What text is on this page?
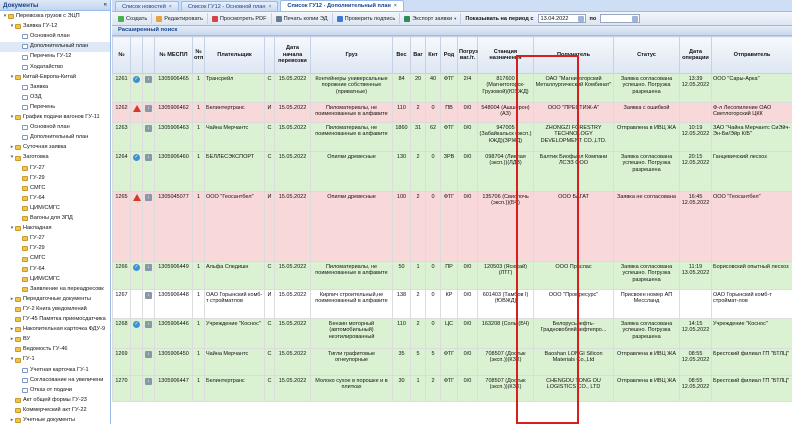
Документы	«
▾	Перевозка грузов с ЭЦП
▾	Заявка ГУ-12
Основной план
Дополнительный план
Перечень ГУ-12
Ходатайство
▾	Китай-Европа-Китай
Заявка
ОЗД
Перечень
▾	График подачи вагонов ГУ-11
Основной план
Дополнительный план
▸	Суточная заявка
▾	Заготовка
ГУ-27
ГУ-29
СМГС
ГУ-64
ЦИМ/СМГС
Вагоны для ЗПД
▾	Накладная
ГУ-27
ГУ-29
СМГС
ГУ-64
ЦИМ/СМГС
Заявление на переадресовк
▸	Передаточные документы
ГУ-2 Книга уведомлений
ГУ-45 Памятка приемосдатчика
▸	Накопительная карточка ФДУ-9
▸	ВУ
Ведомость ГУ-46
▾	ГУ-1
Учетная карточка ГУ-1
Согласование на увеличени
Отказ от подачи
Акт общей формы ГУ-23
Коммерческий акт ГУ-22
▸	Учетные документы
Список новостей ×	Список ГУ12 - Основной план ×	Список ГУ12 - Дополнительный план ×
Создать	Редактировать	Просмотреть PDF	Печать копии ЭД	Проверить подпись	Экспорт заявки ▾	Показывать на период с	13.04.2022	по
Расширенный поиск
№			№ МЕСПЛ	№ отп	Плательщик		Дата начала перевозки	Груз	Вес	Ваг	Кнт	Род	Погруз ваг./т.	Станция назначения	Получатель	Статус	Дата операции	Отправитель
1261	✓	↓	1305906465	1	Трансрейл	С	15.05.2022	Контейнеры универсальные порожние собственные (приватные)	84	20	40	ФТГ	2/4	817600 (Магнитогорск-Грузовой)(ЮУЖД)	ОАО "Магнитогорский Металлургический Комбинат"	Заявка согласована успешно. Погрузка разрешена	13:39 12.05.2022	ООО "Сары-Арка"
1262		↓	1305906462	1	Белинтертранс	И	15.05.2022	Пиломатериалы, не поименованные в алфавите	110	2	0	ПВ	0/0	548004 (Ашшерон)(АЗ)	ООО "ПРЕСТИЖ-А"	Заявка с ошибкой		Ф-л Лесопиление ОАО Светлогорский ЦКК
1263		↓	1305906463	1	Чайна Мерчантс	С	15.05.2022	Пиломатериалы, не поименованные в алфавите	1860	31	62	ФТГ	0/0	947005 (Забайкальск (эксп.) КЖД)(ЗРЖД)	ZHONGZI FORESTRY TECHNOLOGY DEVELOPMENT CO.,LTD.	Отправлена в ИВЦ ЖА	10:19 12.05.2022	ЗАО "Чайна Мерчантс СиЭйч-Эн-Би/Эйр К/Б"
1264	✓	↓	1305906460	1	БЕЛЛЕСЭКСПОРТ	С	15.05.2022	Опилки древесные	130	2	0	ЗРВ	0/0	098704 (Лиепая (эксп.))(ЛДЗ)	Балтик Биофьюл Компани ЛСЭЗ ООО	Заявка согласована успешно. Погрузка разрешена	20:15 12.05.2022	Ганцевичский лесхоз
1265		↓	1305045077	1	ООО "Геосантбел"	И	15.05.2022	Опилки древесные	100	2	0	ФТГ	0/0	135706 (Свислочь (эксп.))(БЧ)	ООО БАГАТ	Заявка не согласована	16:45 12.05.2022	ООО "Геосантбел"
1266	✓	↓	1305906449	1	Альфа Спедишн	С	15.05.2022	Пиломатериалы, не поименованные в алфавите	50	1	0	ПР	0/0	120503 (Ясюкай)(ЛТГ)	ООО Праслас	Заявка согласована успешно. Погрузка разрешена	11:19 13.05.2022	Борисовский опытный лесхоз
1267		↓	1305906448	1	ОАО Горынский комб-т стройматлов	И	15.05.2022	Кирпич строительный,не поименованный в алфавите	138	2	0	КР	0/0	601403 (Тамбов I)(ЮВЖД)	ООО "Промресурс"	Присвоен номер АП Мессланд		ОАО Горынский комб-т строймат-лов
1268	✓	↓	1305906446	1	Учреждение "Коснос"	С	15.05.2022	Бензин моторный (автомобильный) неэтилированный	110	2	0	ЦС	0/0	163208 (Соль)(БЧ)	Белорусьнефть-Градновобляйнефтепро...	Заявка согласована успешно. Погрузка разрешена	14:15 12.05.2022	Учреждение "Коснос"
1269		↓	1305906450	1	Чайна Мерчантс	С	15.05.2022	Тигли графитовые огнеупорные	35	5	5	ФТГ	0/0	708507 (Достык (эксп.))(КЗХ)	Baoshan LONGI Silicon Materials Co.,Ltd	Отправлена в ИВЦ ЖА	08:55 12.05.2022	Брестский филиал ГП "БТЛЦ"
1270		↓	1305906447	1	Белинтертранс	С	15.05.2022	Молоко сухое в порошке и в плитках	30	1	2	ФТГ	0/0	708507 (Достык (эксп.))(КЗХ)	CHENGDU TONG OU LOGISTICS CO., LTD	Отправлена в ИВЦ ЖА	08:55 12.05.2022	Брестский филиал ГП "БТЛЦ"
